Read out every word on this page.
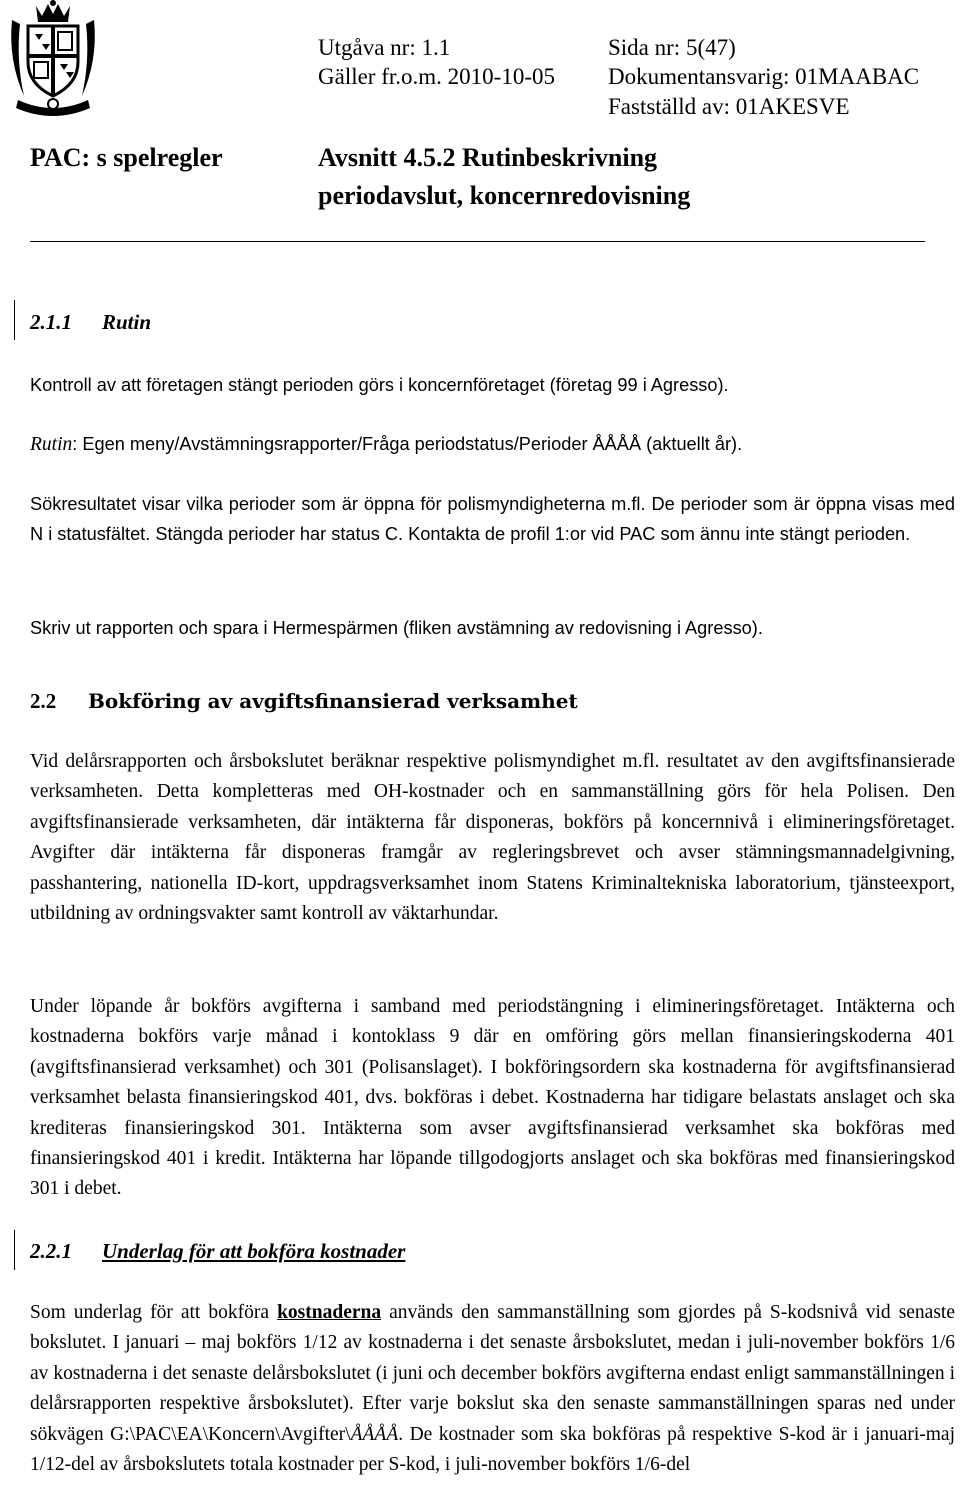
Utgåva nr: 1.1	Sida nr: 5(47)
Gäller fr.o.m. 2010-10-05 Dokumentansvarig: 01MAABAC
Fastställd av: 01AKESVE
PAC: s spelregler	Avsnitt 4.5.2 Rutinbeskrivning
periodavslut, koncernredovisning
2.1.1 Rutin
Kontroll av att företagen stängt perioden görs i koncernföretaget (företag 99 i Agresso).
Rutin: Egen meny/Avstämningsrapporter/Fråga periodstatus/Perioder ÅÅÅÅ (aktuellt år).
Sökresultatet visar vilka perioder som är öppna för polismyndigheterna m.fl. De perioder som är öppna visas med N i statusfältet. Stängda perioder har status C. Kontakta de profil 1:or vid PAC som ännu inte stängt perioden.
Skriv ut rapporten och spara i Hermespärmen (fliken avstämning av redovisning i Agresso).
2.2 Bokföring av avgiftsfinansierad verksamhet
Vid delårsrapporten och årsbokslutet beräknar respektive polismyndighet m.fl. resultatet av den avgiftsfinansierade verksamheten. Detta kompletteras med OH-kostnader och en sammanställning görs för hela Polisen. Den avgiftsfinansierade verksamheten, där intäkterna får disponeras, bokförs på koncernnivå i elimineringsföretaget. Avgifter där intäkterna får disponeras framgår av regleringsbrevet och avser stämningsmannadelgivning, passhantering, nationella ID-kort, uppdragsverksamhet inom Statens Kriminaltekniska laboratorium, tjänsteexport, utbildning av ordningsvakter samt kontroll av väktarhundar.
Under löpande år bokförs avgifterna i samband med periodstängning i elimineringsföretaget. Intäkterna och kostnaderna bokförs varje månad i kontoklass 9 där en omföring görs mellan finansieringskoderna 401 (avgiftsfinansierad verksamhet) och 301 (Polisanslaget). I bokföringsordern ska kostnaderna för avgiftsfinansierad verksamhet belasta finansieringskod 401, dvs. bokföras i debet. Kostnaderna har tidigare belastats anslaget och ska krediteras finansieringskod 301. Intäkterna som avser avgiftsfinansierad verksamhet ska bokföras med finansieringskod 401 i kredit. Intäkterna har löpande tillgodogjorts anslaget och ska bokföras med finansieringskod 301 i debet.
2.2.1 Underlag för att bokföra kostnader
Som underlag för att bokföra kostnaderna används den sammanställning som gjordes på S-kodsnivå vid senaste bokslutet. I januari – maj bokförs 1/12 av kostnaderna i det senaste årsbokslutet, medan i juli-november bokförs 1/6 av kostnaderna i det senaste delårsbokslutet (i juni och december bokförs avgifterna endast enligt sammanställningen i delårsrapporten respektive årsbokslutet). Efter varje bokslut ska den senaste sammanställningen sparas ned under sökvägen G:\PAC\EA\Koncern\Avgifter\ÅÅÅÅ. De kostnader som ska bokföras på respektive S-kod är i januari-maj 1/12-del av årsbokslutets totala kostnader per S-kod, i juli-november bokförs 1/6-del
